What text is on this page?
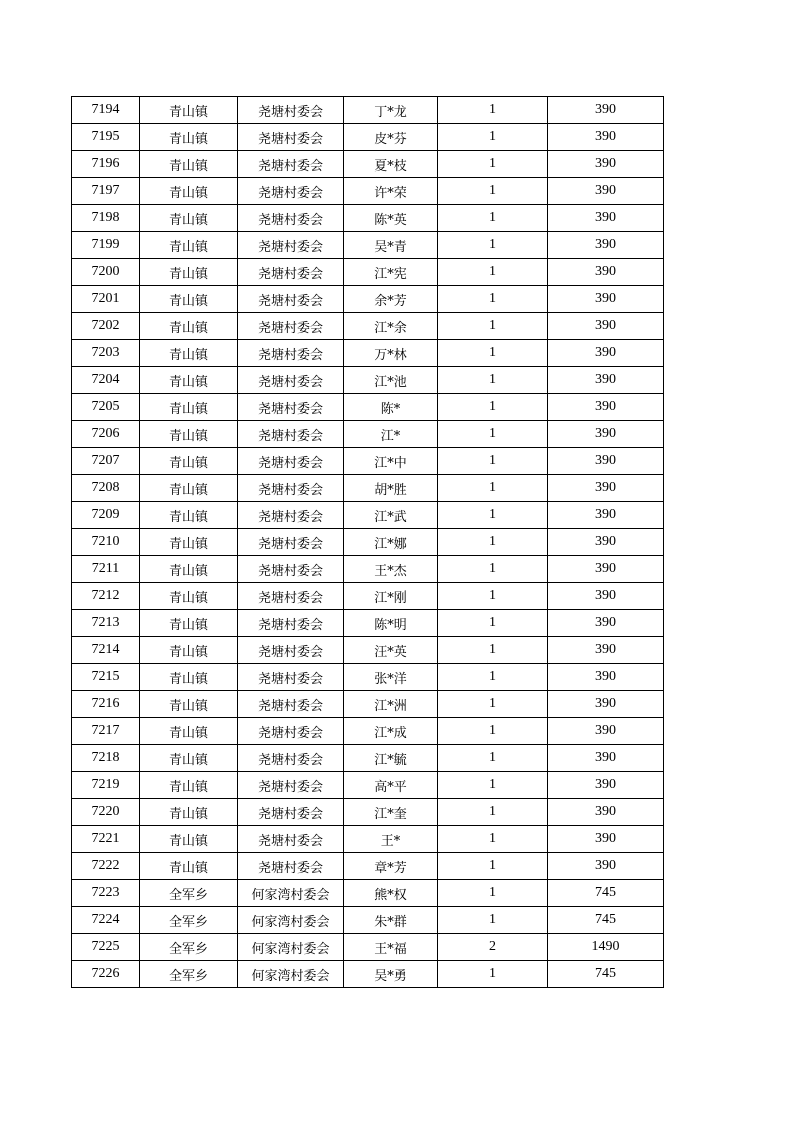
7194	青山镇	尧塘村委会	丁*龙	1	390
7195	青山镇	尧塘村委会	皮*芬	1	390
7196	青山镇	尧塘村委会	夏*枝	1	390
7197	青山镇	尧塘村委会	许*荣	1	390
7198	青山镇	尧塘村委会	陈*英	1	390
7199	青山镇	尧塘村委会	吴*青	1	390
7200	青山镇	尧塘村委会	江*宪	1	390
7201	青山镇	尧塘村委会	余*芳	1	390
7202	青山镇	尧塘村委会	江*余	1	390
7203	青山镇	尧塘村委会	万*林	1	390
7204	青山镇	尧塘村委会	江*池	1	390
7205	青山镇	尧塘村委会	陈*	1	390
7206	青山镇	尧塘村委会	江*	1	390
7207	青山镇	尧塘村委会	江*中	1	390
7208	青山镇	尧塘村委会	胡*胜	1	390
7209	青山镇	尧塘村委会	江*武	1	390
7210	青山镇	尧塘村委会	江*娜	1	390
7211	青山镇	尧塘村委会	王*杰	1	390
7212	青山镇	尧塘村委会	江*刚	1	390
7213	青山镇	尧塘村委会	陈*明	1	390
7214	青山镇	尧塘村委会	汪*英	1	390
7215	青山镇	尧塘村委会	张*洋	1	390
7216	青山镇	尧塘村委会	江*洲	1	390
7217	青山镇	尧塘村委会	江*成	1	390
7218	青山镇	尧塘村委会	江*毓	1	390
7219	青山镇	尧塘村委会	高*平	1	390
7220	青山镇	尧塘村委会	江*奎	1	390
7221	青山镇	尧塘村委会	王*	1	390
7222	青山镇	尧塘村委会	章*芳	1	390
7223	全军乡	何家湾村委会	熊*权	1	745
7224	全军乡	何家湾村委会	朱*群	1	745
7225	全军乡	何家湾村委会	王*福	2	1490
7226	全军乡	何家湾村委会	吴*勇	1	745
